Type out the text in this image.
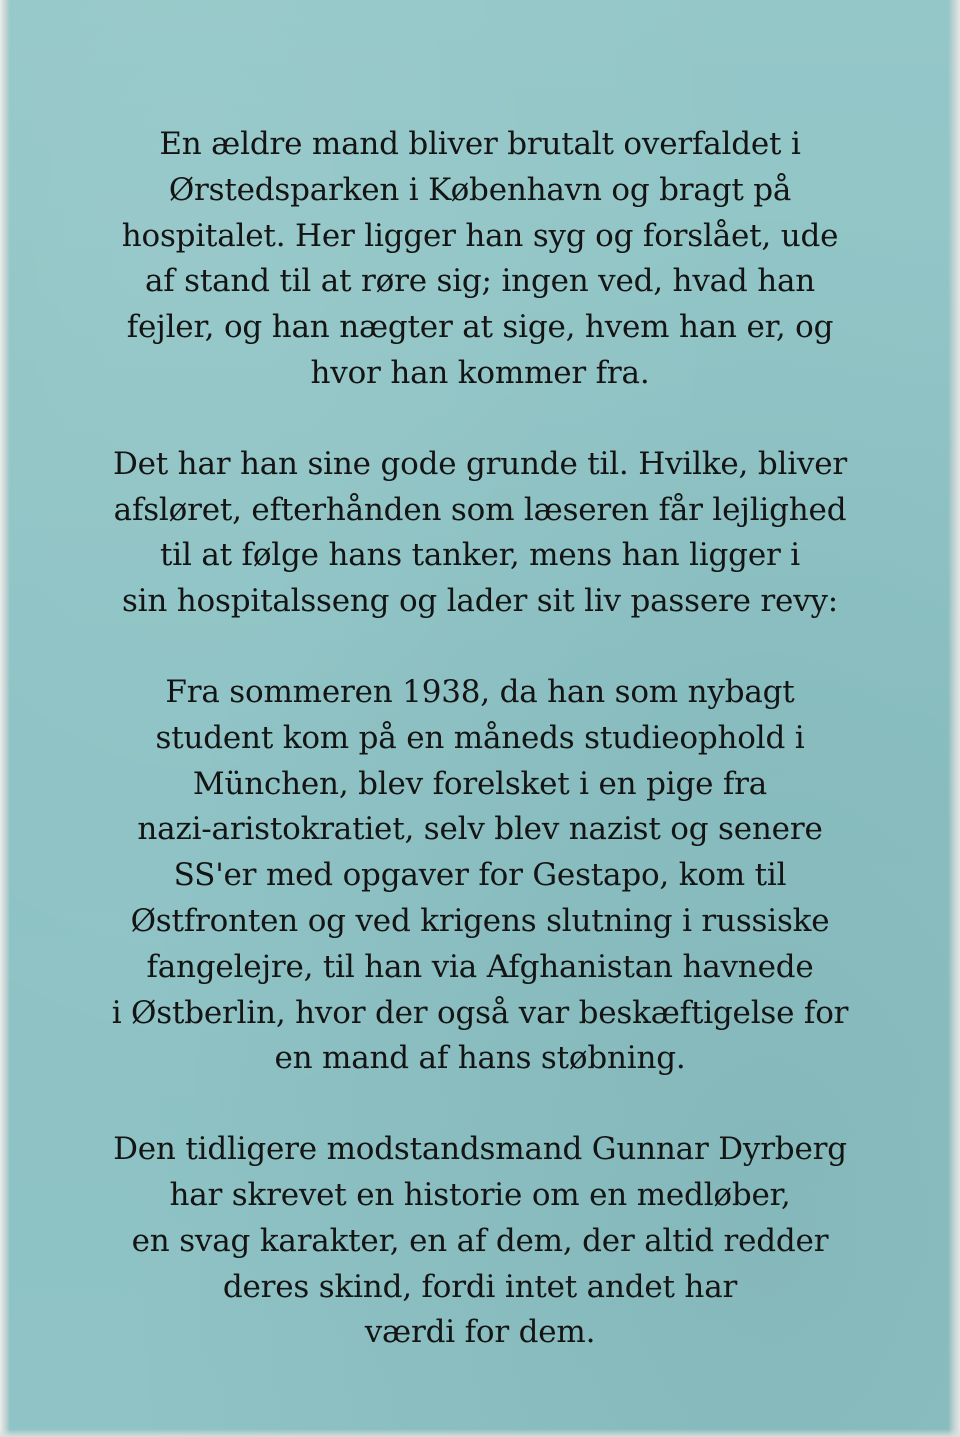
En ældre mand bliver brutalt overfaldet i
Ørstedsparken i København og bragt på
hospitalet. Her ligger han syg og forslået, ude
af stand til at røre sig; ingen ved, hvad han
fejler, og han nægter at sige, hvem han er, og
hvor han kommer fra.

Det har han sine gode grunde til. Hvilke, bliver
afsløret, efterhånden som læseren får lejlighed
til at følge hans tanker, mens han ligger i
sin hospitalsseng og lader sit liv passere revy:

Fra sommeren 1938, da han som nybagt
student kom på en måneds studieophold i
München, blev forelsket i en pige fra
nazi-aristokratiet, selv blev nazist og senere
SS'er med opgaver for Gestapo, kom til
Østfronten og ved krigens slutning i russiske
fangelejre, til han via Afghanistan havnede
i Østberlin, hvor der også var beskæftigelse for
en mand af hans støbning.

Den tidligere modstandsmand Gunnar Dyrberg
har skrevet en historie om en medløber,
en svag karakter, en af dem, der altid redder
deres skind, fordi intet andet har
værdi for dem.
